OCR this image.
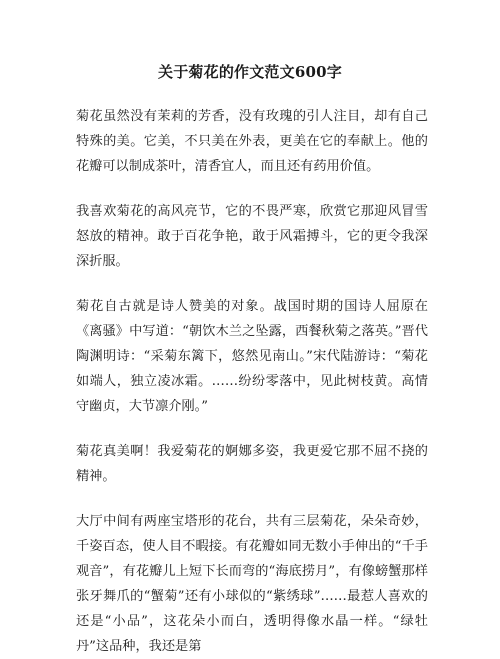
关于菊花的作文范文600字

菊花虽然没有茉莉的芳香，没有玫瑰的引人注目，却有自己特殊的美。它美，不只美在外表，更美在它的奉献上。他的花瓣可以制成茶叶，清香宜人，而且还有药用价值。

我喜欢菊花的高风亮节，它的不畏严寒，欣赏它那迎风冒雪怒放的精神。敢于百花争艳，敢于风霜搏斗，它的更令我深深折服。

菊花自古就是诗人赞美的对象。战国时期的国诗人屈原在《离骚》中写道：“朝饮木兰之坠露，西餐秋菊之落英。”晋代陶渊明诗：“采菊东篱下，悠然见南山。”宋代陆游诗：“菊花如端人，独立凌冰霜。……纷纷零落中，见此树枝黄。高情守幽贞，大节凛介刚。”

菊花真美啊！我爱菊花的婀娜多姿，我更爱它那不屈不挠的精神。

大厅中间有两座宝塔形的花台，共有三层菊花，朵朵奇妙，千姿百态，使人目不暇接。有花瓣如同无数小手伸出的“千手观音”，有花瓣儿上短下长而弯的“海底捞月”，有像螃蟹那样张牙舞爪的“蟹菊”还有小球似的“紫绣球”……最惹人喜欢的还是“小品”，这花朵小而白，透明得像水晶一样。“绿牡丹”这品种，我还是第
